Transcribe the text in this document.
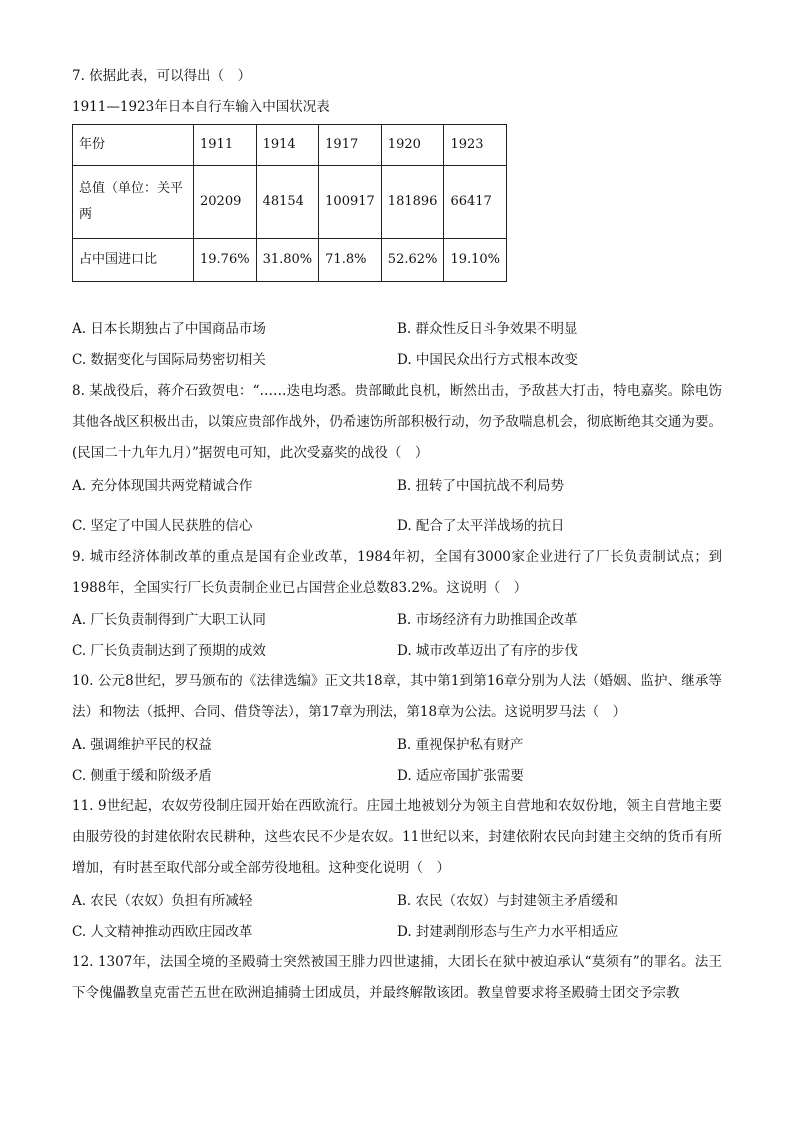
7. 依据此表，可以得出（　）
1911—1923年日本自行车输入中国状况表
年份	1911	1914	1917	1920	1923
总值（单位：关平两	20209	48154	100917	181896	66417
占中国进口比	19.76%	31.80%	71.8%	52.62%	19.10%
A. 日本长期独占了中国商品市场	B. 群众性反日斗争效果不明显
C. 数据变化与国际局势密切相关	D. 中国民众出行方式根本改变
8. 某战役后，蒋介石致贺电：“……迭电均悉。贵部瞰此良机，断然出击，予敌甚大打击，特电嘉奖。除电饬其他各战区积极出击，以策应贵部作战外，仍希速饬所部积极行动，勿予敌喘息机会，彻底断绝其交通为要。(民国二十九年九月）”据贺电可知，此次受嘉奖的战役（　）
A. 充分体现国共两党精诚合作	B. 扭转了中国抗战不利局势
C. 坚定了中国人民获胜的信心	D. 配合了太平洋战场的抗日
9. 城市经济体制改革的重点是国有企业改革，1984年初，全国有3000家企业进行了厂长负责制试点；到1988年，全国实行厂长负责制企业已占国营企业总数83.2%。这说明（　）
A. 厂长负责制得到广大职工认同	B. 市场经济有力助推国企改革
C. 厂长负责制达到了预期的成效	D. 城市改革迈出了有序的步伐
10. 公元8世纪，罗马颁布的《法律选编》正文共18章，其中第1到第16章分别为人法（婚姻、监护、继承等法）和物法（抵押、合同、借贷等法），第17章为刑法，第18章为公法。这说明罗马法（　）
A. 强调维护平民的权益	B. 重视保护私有财产
C. 侧重于缓和阶级矛盾	D. 适应帝国扩张需要
11. 9世纪起，农奴劳役制庄园开始在西欧流行。庄园土地被划分为领主自营地和农奴份地，领主自营地主要由服劳役的封建依附农民耕种，这些农民不少是农奴。11世纪以来，封建依附农民向封建主交纳的货币有所增加，有时甚至取代部分或全部劳役地租。这种变化说明（　）
A. 农民（农奴）负担有所减轻	B. 农民（农奴）与封建领主矛盾缓和
C. 人文精神推动西欧庄园改革	D. 封建剥削形态与生产力水平相适应
12. 1307年，法国全境的圣殿骑士突然被国王腓力四世逮捕，大团长在狱中被迫承认“莫须有”的罪名。法王下令傀儡教皇克雷芒五世在欧洲追捕骑士团成员，并最终解散该团。教皇曾要求将圣殿骑士团交予宗教
